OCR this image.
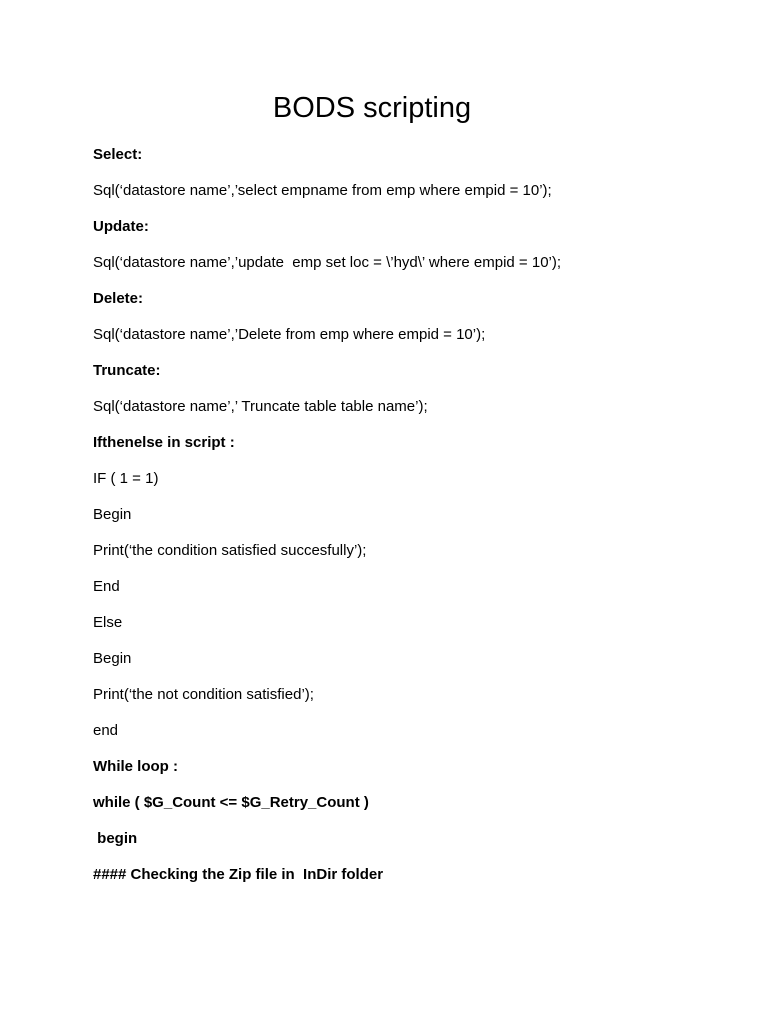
BODS scripting
Select:
Sql(‘datastore name’,’select empname from emp where empid = 10’);
Update:
Sql(‘datastore name’,’update  emp set loc = \’hyd\’ where empid = 10’);
Delete:
Sql(‘datastore name’,’Delete from emp where empid = 10’);
Truncate:
Sql(‘datastore name’,’ Truncate table table name’);
Ifthenelse in script :
IF ( 1 = 1)
Begin
Print(‘the condition satisfied succesfully’);
End
Else
Begin
Print(‘the not condition satisfied’);
end
While loop :
while ( $G_Count <= $G_Retry_Count )
begin
#### Checking the Zip file in  InDir folder
